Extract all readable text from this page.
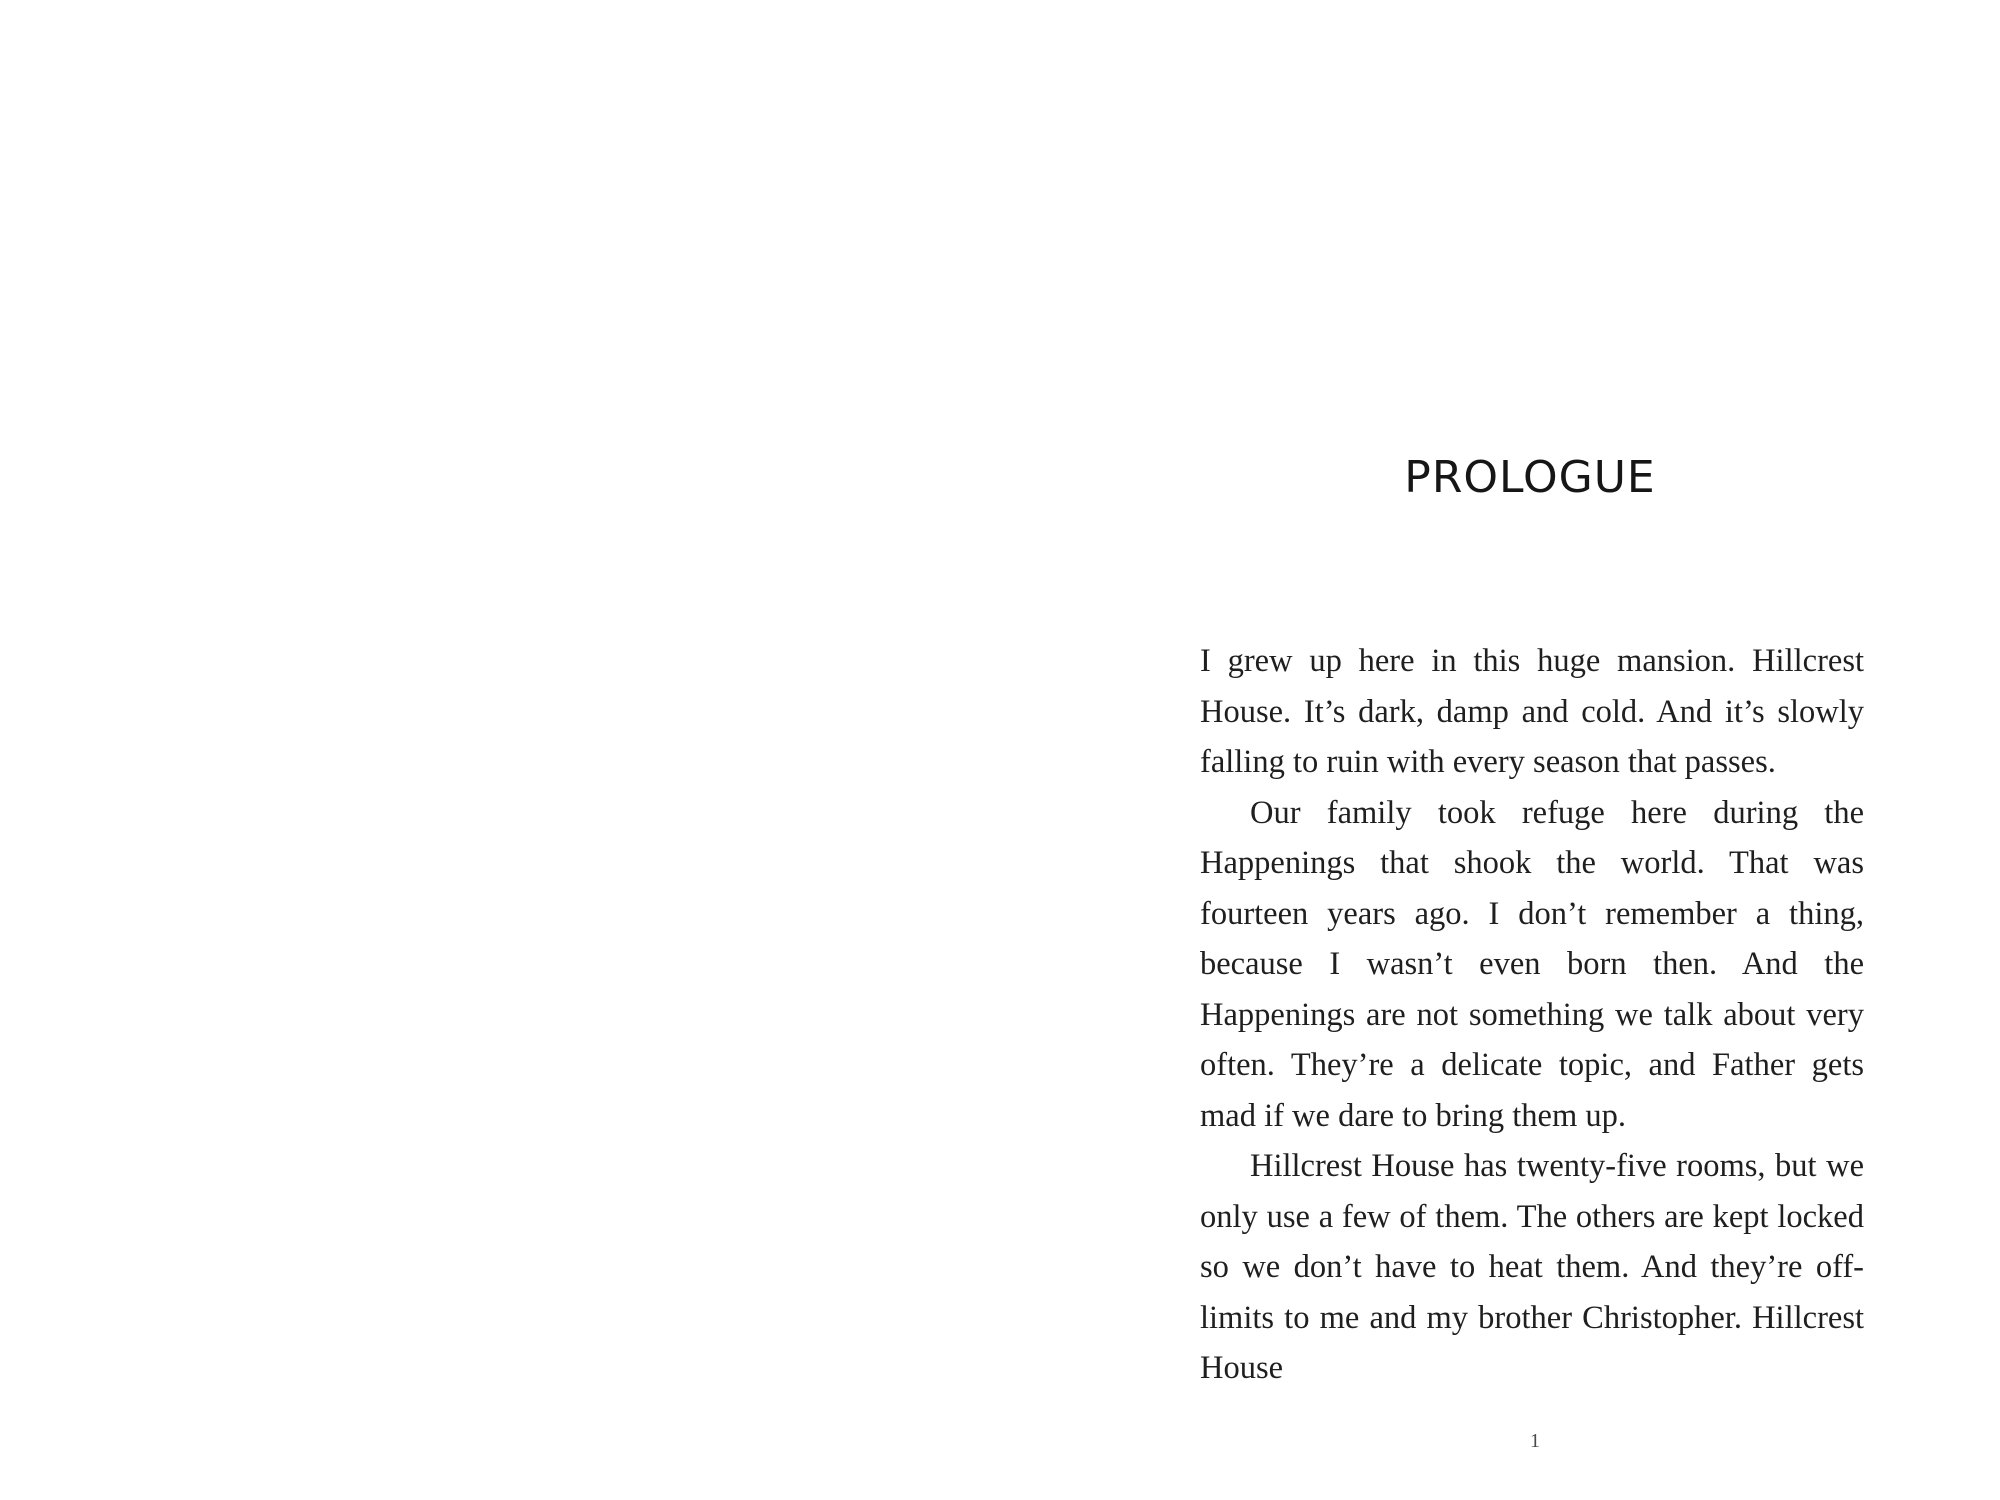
PROLOGUE

I grew up here in this huge mansion. Hillcrest House. It’s dark, damp and cold. And it’s slowly falling to ruin with every season that passes.

Our family took refuge here during the Happenings that shook the world. That was fourteen years ago. I don’t remember a thing, because I wasn’t even born then. And the Happenings are not something we talk about very often. They’re a delicate topic, and Father gets mad if we dare to bring them up.

Hillcrest House has twenty-five rooms, but we only use a few of them. The others are kept locked so we don’t have to heat them. And they’re off-limits to me and my brother Christopher. Hillcrest House

1
